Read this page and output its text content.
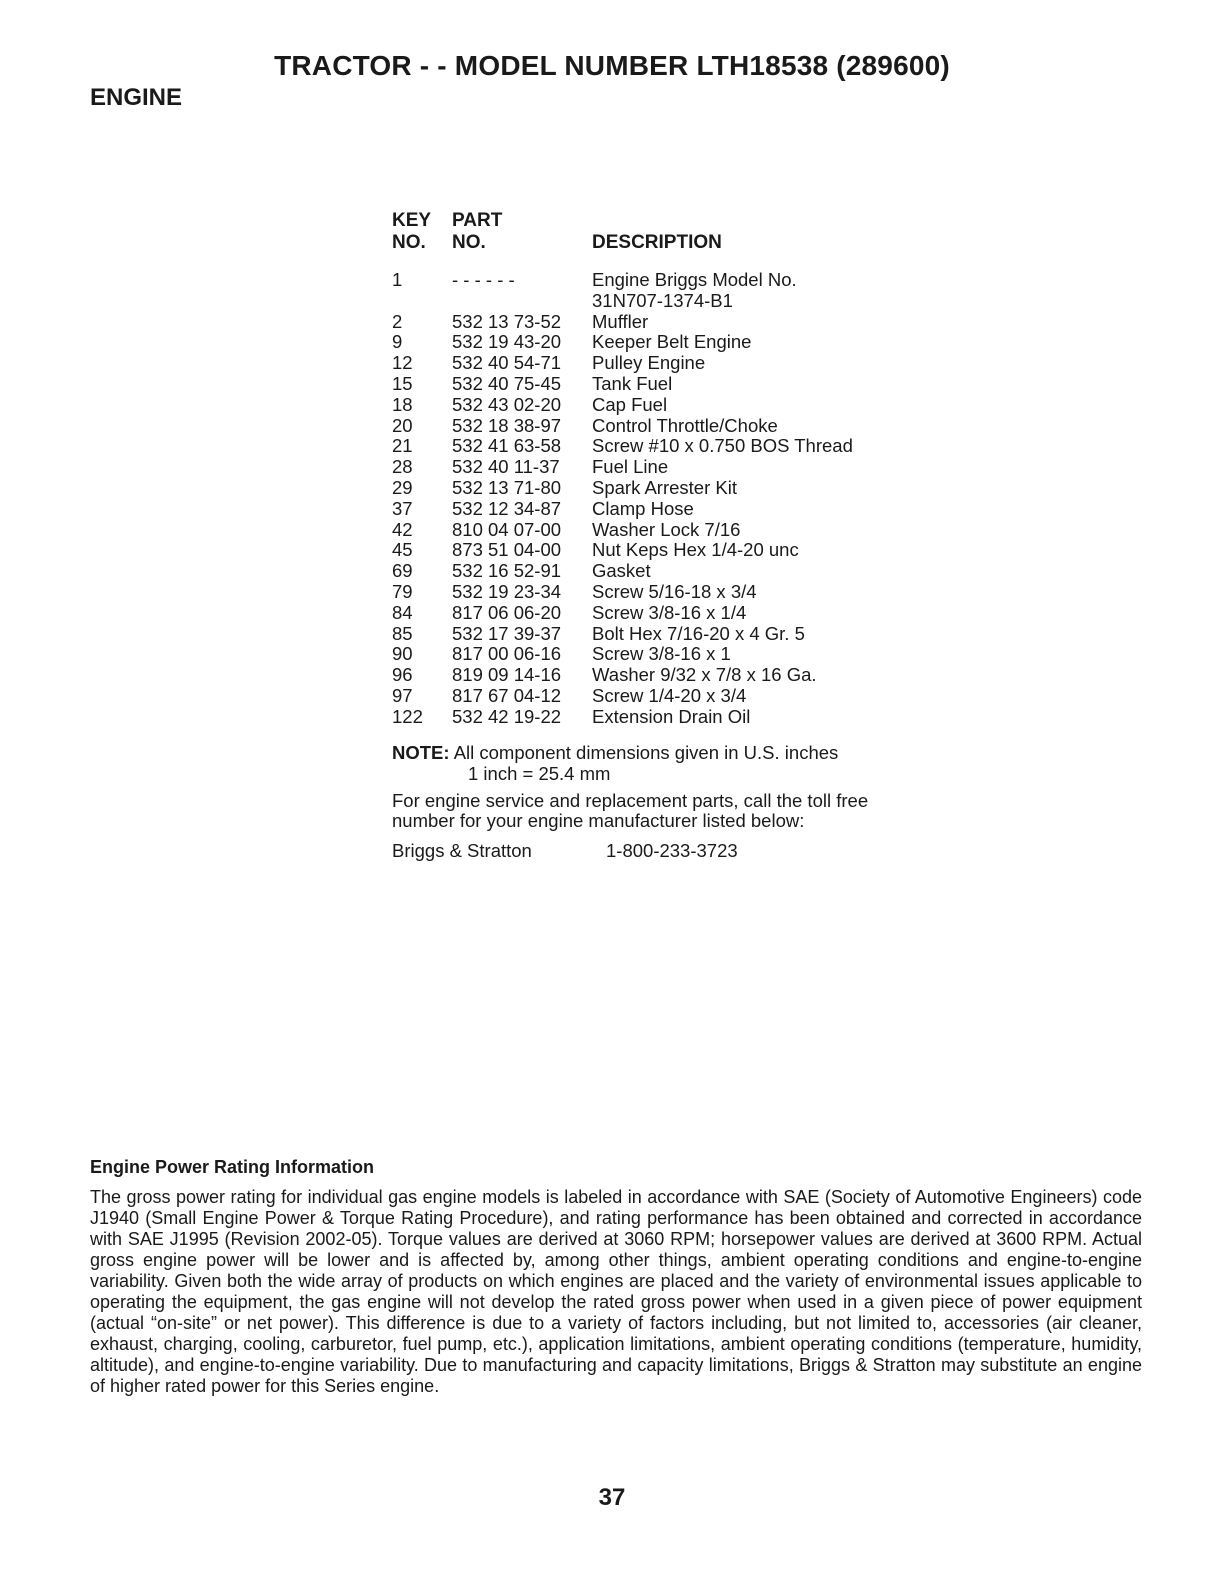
TRACTOR - - MODEL NUMBER LTH18538 (289600)
ENGINE
KEY	PART
NO.	NO.	DESCRIPTION
1	- - - - - -	Engine Briggs Model No.
31N707-1374-B1
2	532 13 73-52	Muffler
9	532 19 43-20	Keeper Belt Engine
12	532 40 54-71	Pulley Engine
15	532 40 75-45	Tank Fuel
18	532 43 02-20	Cap Fuel
20	532 18 38-97	Control Throttle/Choke
21	532 41 63-58	Screw #10 x 0.750 BOS Thread
28	532 40 11-37	Fuel Line
29	532 13 71-80	Spark Arrester Kit
37	532 12 34-87	Clamp Hose
42	810 04 07-00	Washer Lock 7/16
45	873 51 04-00	Nut Keps Hex 1/4-20 unc
69	532 16 52-91	Gasket
79	532 19 23-34	Screw 5/16-18 x 3/4
84	817 06 06-20	Screw 3/8-16 x 1/4
85	532 17 39-37	Bolt Hex 7/16-20 x 4 Gr. 5
90	817 00 06-16	Screw 3/8-16 x 1
96	819 09 14-16	Washer 9/32 x 7/8 x 16 Ga.
97	817 67 04-12	Screw 1/4-20 x 3/4
122	532 42 19-22	Extension Drain Oil
NOTE: All component dimensions given in U.S. inches
1 inch = 25.4 mm
For engine service and replacement parts, call the toll free number for your engine manufacturer listed below:
Briggs & Stratton	1-800-233-3723
Engine Power Rating Information
The gross power rating for individual gas engine models is labeled in accordance with SAE (Society of Automotive Engineers) code J1940 (Small Engine Power & Torque Rating Procedure), and rating performance has been obtained and corrected in accordance with SAE J1995 (Revision 2002-05). Torque values are derived at 3060 RPM; horsepower values are derived at 3600 RPM. Actual gross engine power will be lower and is affected by, among other things, ambient operating conditions and engine-to-engine variability. Given both the wide array of products on which engines are placed and the variety of environmental issues applicable to operating the equipment, the gas engine will not develop the rated gross power when used in a given piece of power equipment (actual “on-site” or net power). This difference is due to a variety of factors including, but not limited to, accessories (air cleaner, exhaust, charging, cooling, carburetor, fuel pump, etc.), application limitations, ambient operating conditions (temperature, humidity, altitude), and engine-to-engine variability. Due to manufacturing and capacity limitations, Briggs & Stratton may substitute an engine of higher rated power for this Series engine.
37
